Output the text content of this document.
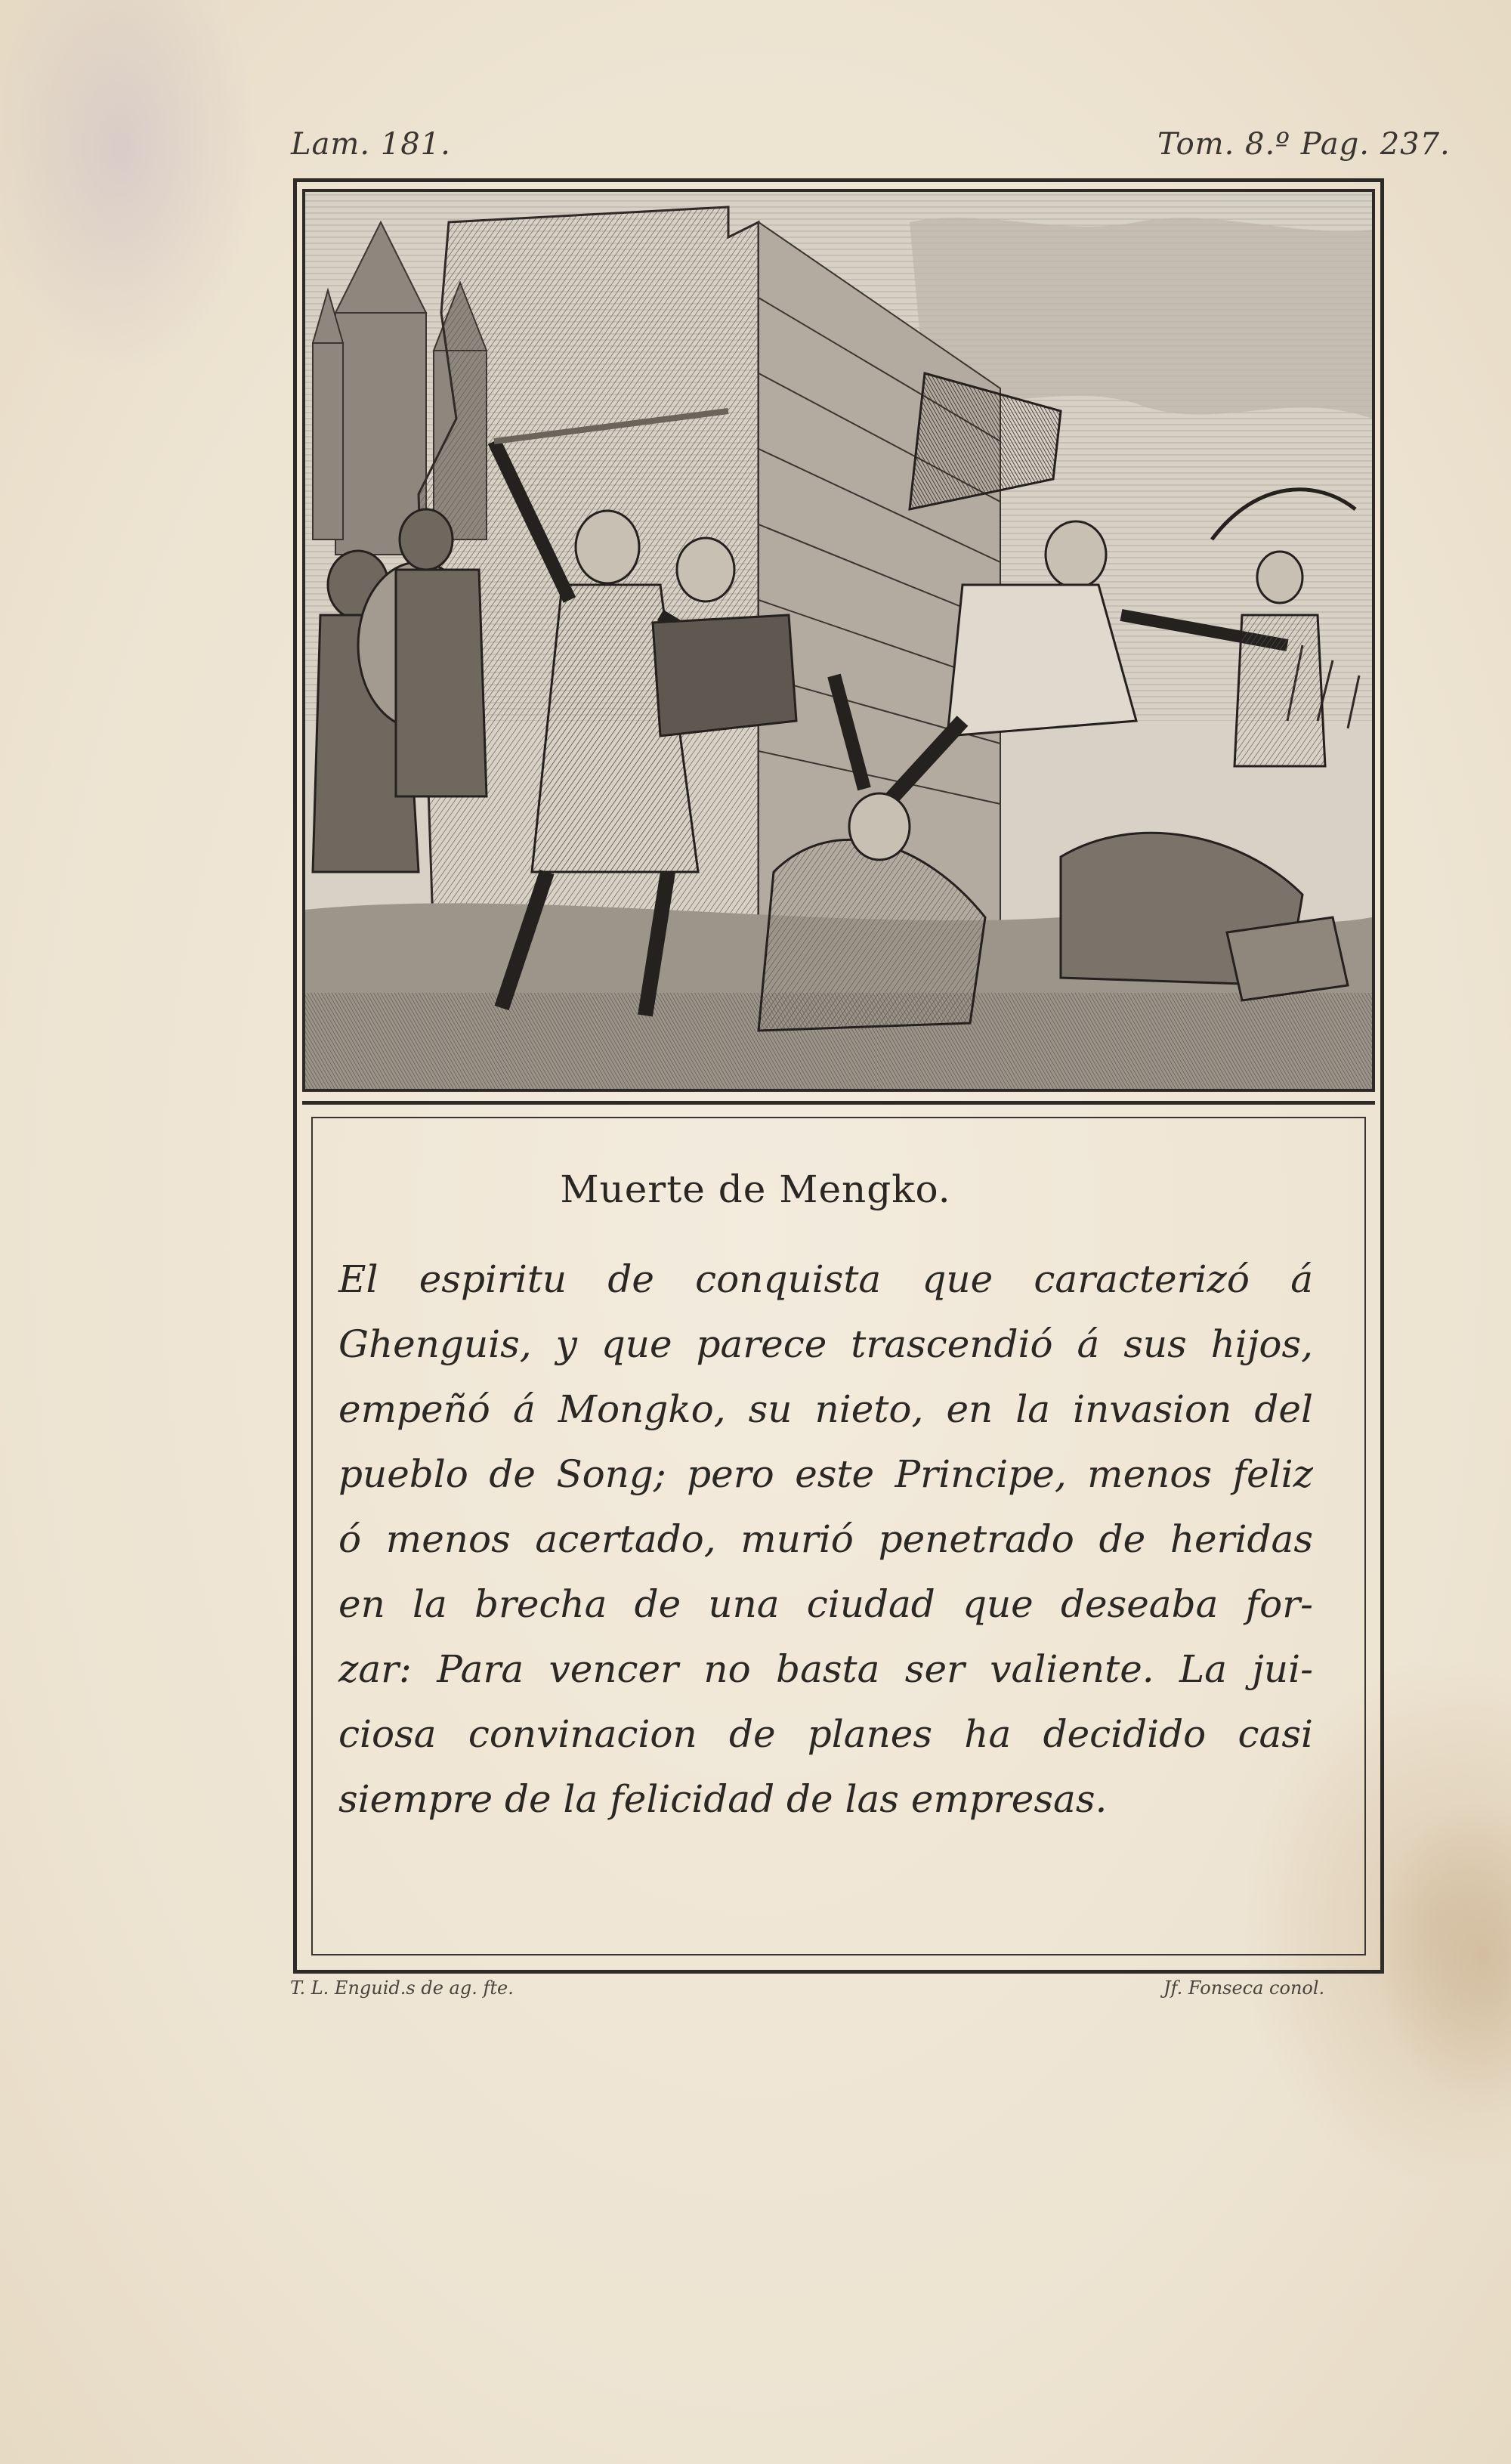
Lam. 181.	Tom. 8.º Pag. 237.
Muerte de Mengko.
El espiritu de conquista que caracterizó á
Ghenguis, y que parece trascendió á sus hijos,
empeñó á Mongko, su nieto, en la invasion del
pueblo de Song; pero este Principe, menos feliz
ó menos acertado, murió penetrado de heridas
en la brecha de una ciudad que deseaba for-
zar: Para vencer no basta ser valiente. La jui-
ciosa convinacion de planes ha decidido casi
siempre de la felicidad de las empresas.
T. L. Enguid.s de ag. fte.	Jf. Fonseca conol.
